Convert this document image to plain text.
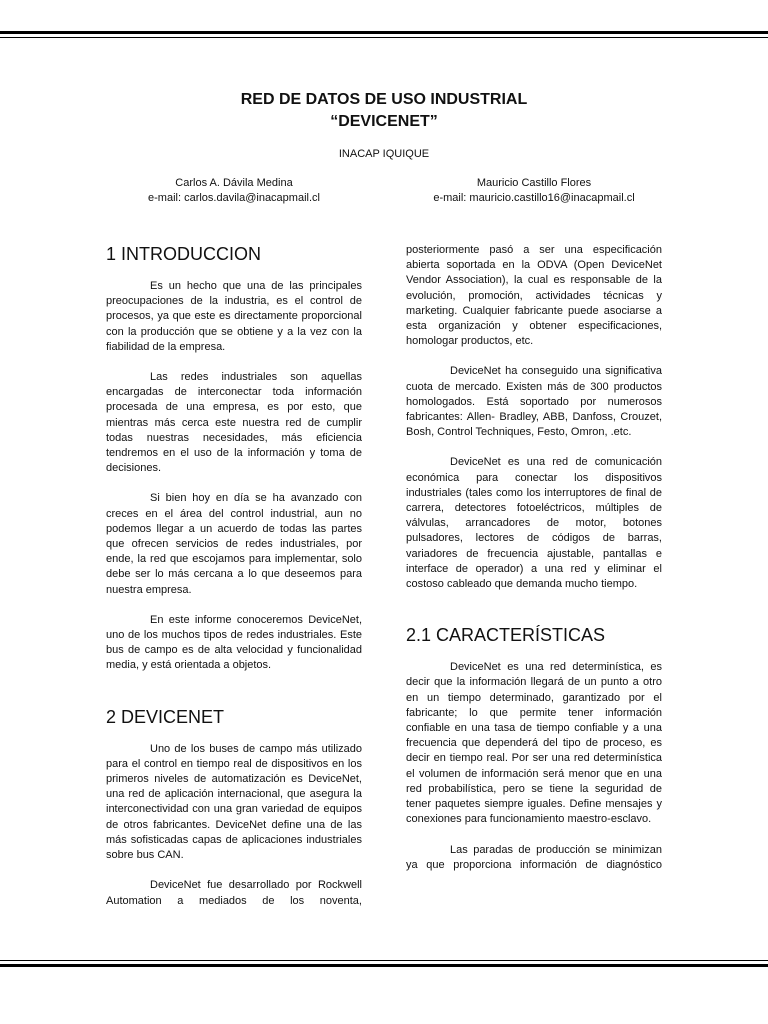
RED DE DATOS DE USO INDUSTRIAL
“DEVICENET”
INACAP IQUIQUE
Carlos A. Dávila Medina
e-mail: carlos.davila@inacapmail.cl
Mauricio Castillo Flores
e-mail: mauricio.castillo16@inacapmail.cl
1 INTRODUCCION

Es un hecho que una de las principales preocupaciones de la industria, es el control de procesos, ya que este es directamente proporcional con la producción que se obtiene y a la vez con la fiabilidad de la empresa.

Las redes industriales son aquellas encargadas de interconectar toda información procesada de una empresa, es por esto, que mientras más cerca este nuestra red de cumplir todas nuestras necesidades, más eficiencia tendremos en el uso de la información y toma de decisiones.

Si bien hoy en día se ha avanzado con creces en el área del control industrial, aun no podemos llegar a un acuerdo de todas las partes que ofrecen servicios de redes industriales, por ende, la red que escojamos para implementar, solo debe ser lo más cercana a lo que deseemos para nuestra empresa.

En este informe conoceremos DeviceNet, uno de los muchos tipos de redes industriales. Este bus de campo es de alta velocidad y funcionalidad media, y está orientada a objetos.

2 DEVICENET

Uno de los buses de campo más utilizado para el control en tiempo real de dispositivos en los primeros niveles de automatización es DeviceNet, una red de aplicación internacional, que asegura la interconectividad con una gran variedad de equipos de otros fabricantes. DeviceNet define una de las más sofisticadas capas de aplicaciones industriales sobre bus CAN.

DeviceNet fue desarrollado por Rockwell Automation a mediados de los noventa,

posteriormente pasó a ser una especificación abierta soportada en la ODVA (Open DeviceNet Vendor Association), la cual es responsable de la evolución, promoción, actividades técnicas y marketing. Cualquier fabricante puede asociarse a esta organización y obtener especificaciones, homologar productos, etc.

DeviceNet ha conseguido una significativa cuota de mercado. Existen más de 300 productos homologados. Está soportado por numerosos fabricantes: Allen- Bradley, ABB, Danfoss, Crouzet, Bosh, Control Techniques, Festo, Omron, .etc.

DeviceNet es una red de comunicación económica para conectar los dispositivos industriales (tales como los interruptores de final de carrera, detectores fotoeléctricos, múltiples de válvulas, arrancadores de motor, botones pulsadores, lectores de códigos de barras, variadores de frecuencia ajustable, pantallas e interface de operador) a una red y eliminar el costoso cableado que demanda mucho tiempo.

2.1 CARACTERÍSTICAS

DeviceNet es una red determinística, es decir que la información llegará de un punto a otro en un tiempo determinado, garantizado por el fabricante; lo que permite tener información confiable en una tasa de tiempo confiable y a una frecuencia que dependerá del tipo de proceso, es decir en tiempo real. Por ser una red determinística el volumen de información será menor que en una red probabilística, pero se tiene la seguridad de tener paquetes siempre iguales. Define mensajes y conexiones para funcionamiento maestro-esclavo.

Las paradas de producción se minimizan ya que proporciona información de diagnóstico
